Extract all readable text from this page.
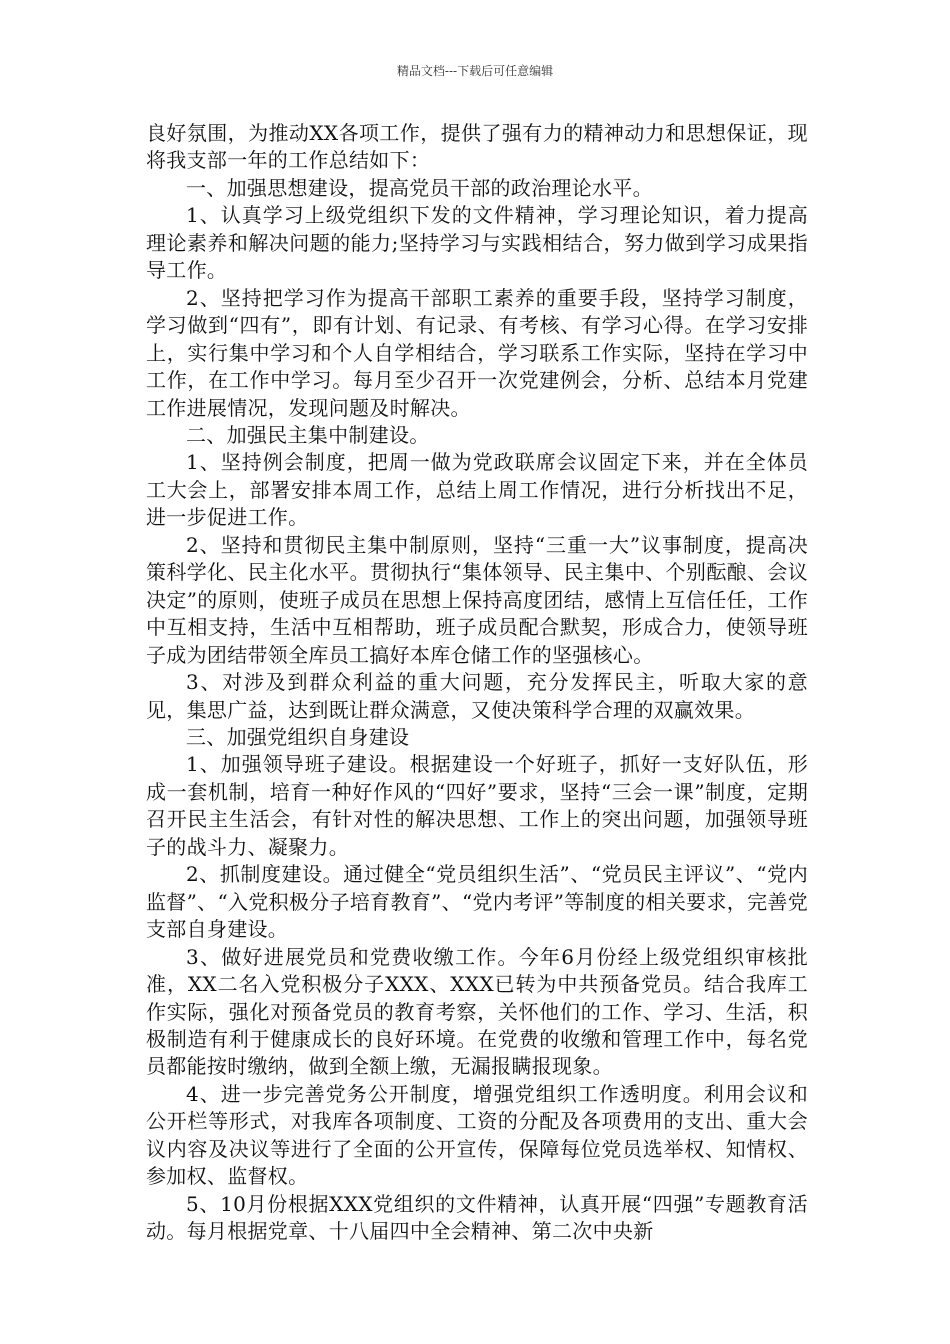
精品文档---下载后可任意编辑

良好氛围，为推动XX各项工作，提供了强有力的精神动力和思想保证，现将我支部一年的工作总结如下：

一、加强思想建设，提高党员干部的政治理论水平。

1、认真学习上级党组织下发的文件精神，学习理论知识，着力提高理论素养和解决问题的能力;坚持学习与实践相结合，努力做到学习成果指导工作。

2、坚持把学习作为提高干部职工素养的重要手段，坚持学习制度，学习做到“四有”，即有计划、有记录、有考核、有学习心得。在学习安排上，实行集中学习和个人自学相结合，学习联系工作实际，坚持在学习中工作，在工作中学习。每月至少召开一次党建例会，分析、总结本月党建工作进展情况，发现问题及时解决。

二、加强民主集中制建设。

1、坚持例会制度，把周一做为党政联席会议固定下来，并在全体员工大会上，部署安排本周工作，总结上周工作情况，进行分析找出不足，进一步促进工作。

2、坚持和贯彻民主集中制原则，坚持“三重一大”议事制度，提高决策科学化、民主化水平。贯彻执行“集体领导、民主集中、个别酝酿、会议决定”的原则，使班子成员在思想上保持高度团结，感情上互信任任，工作中互相支持，生活中互相帮助，班子成员配合默契，形成合力，使领导班子成为团结带领全库员工搞好本库仓储工作的坚强核心。

3、对涉及到群众利益的重大问题，充分发挥民主，听取大家的意见，集思广益，达到既让群众满意，又使决策科学合理的双赢效果。

三、加强党组织自身建设

1、加强领导班子建设。根据建设一个好班子，抓好一支好队伍，形成一套机制，培育一种好作风的“四好”要求，坚持“三会一课”制度，定期召开民主生活会，有针对性的解决思想、工作上的突出问题，加强领导班子的战斗力、凝聚力。

2、抓制度建设。通过健全“党员组织生活”、“党员民主评议”、“党内监督”、“入党积极分子培育教育”、“党内考评”等制度的相关要求，完善党支部自身建设。

3、做好进展党员和党费收缴工作。今年6月份经上级党组织审核批准，XX二名入党积极分子XXX、XXX已转为中共预备党员。结合我库工作实际，强化对预备党员的教育考察，关怀他们的工作、学习、生活，积极制造有利于健康成长的良好环境。在党费的收缴和管理工作中，每名党员都能按时缴纳，做到全额上缴，无漏报瞒报现象。

4、进一步完善党务公开制度，增强党组织工作透明度。利用会议和公开栏等形式，对我库各项制度、工资的分配及各项费用的支出、重大会议内容及决议等进行了全面的公开宣传，保障每位党员选举权、知情权、参加权、监督权。

5、10月份根据XXX党组织的文件精神，认真开展“四强”专题教育活动。每月根据党章、十八届四中全会精神、第二次中央新
